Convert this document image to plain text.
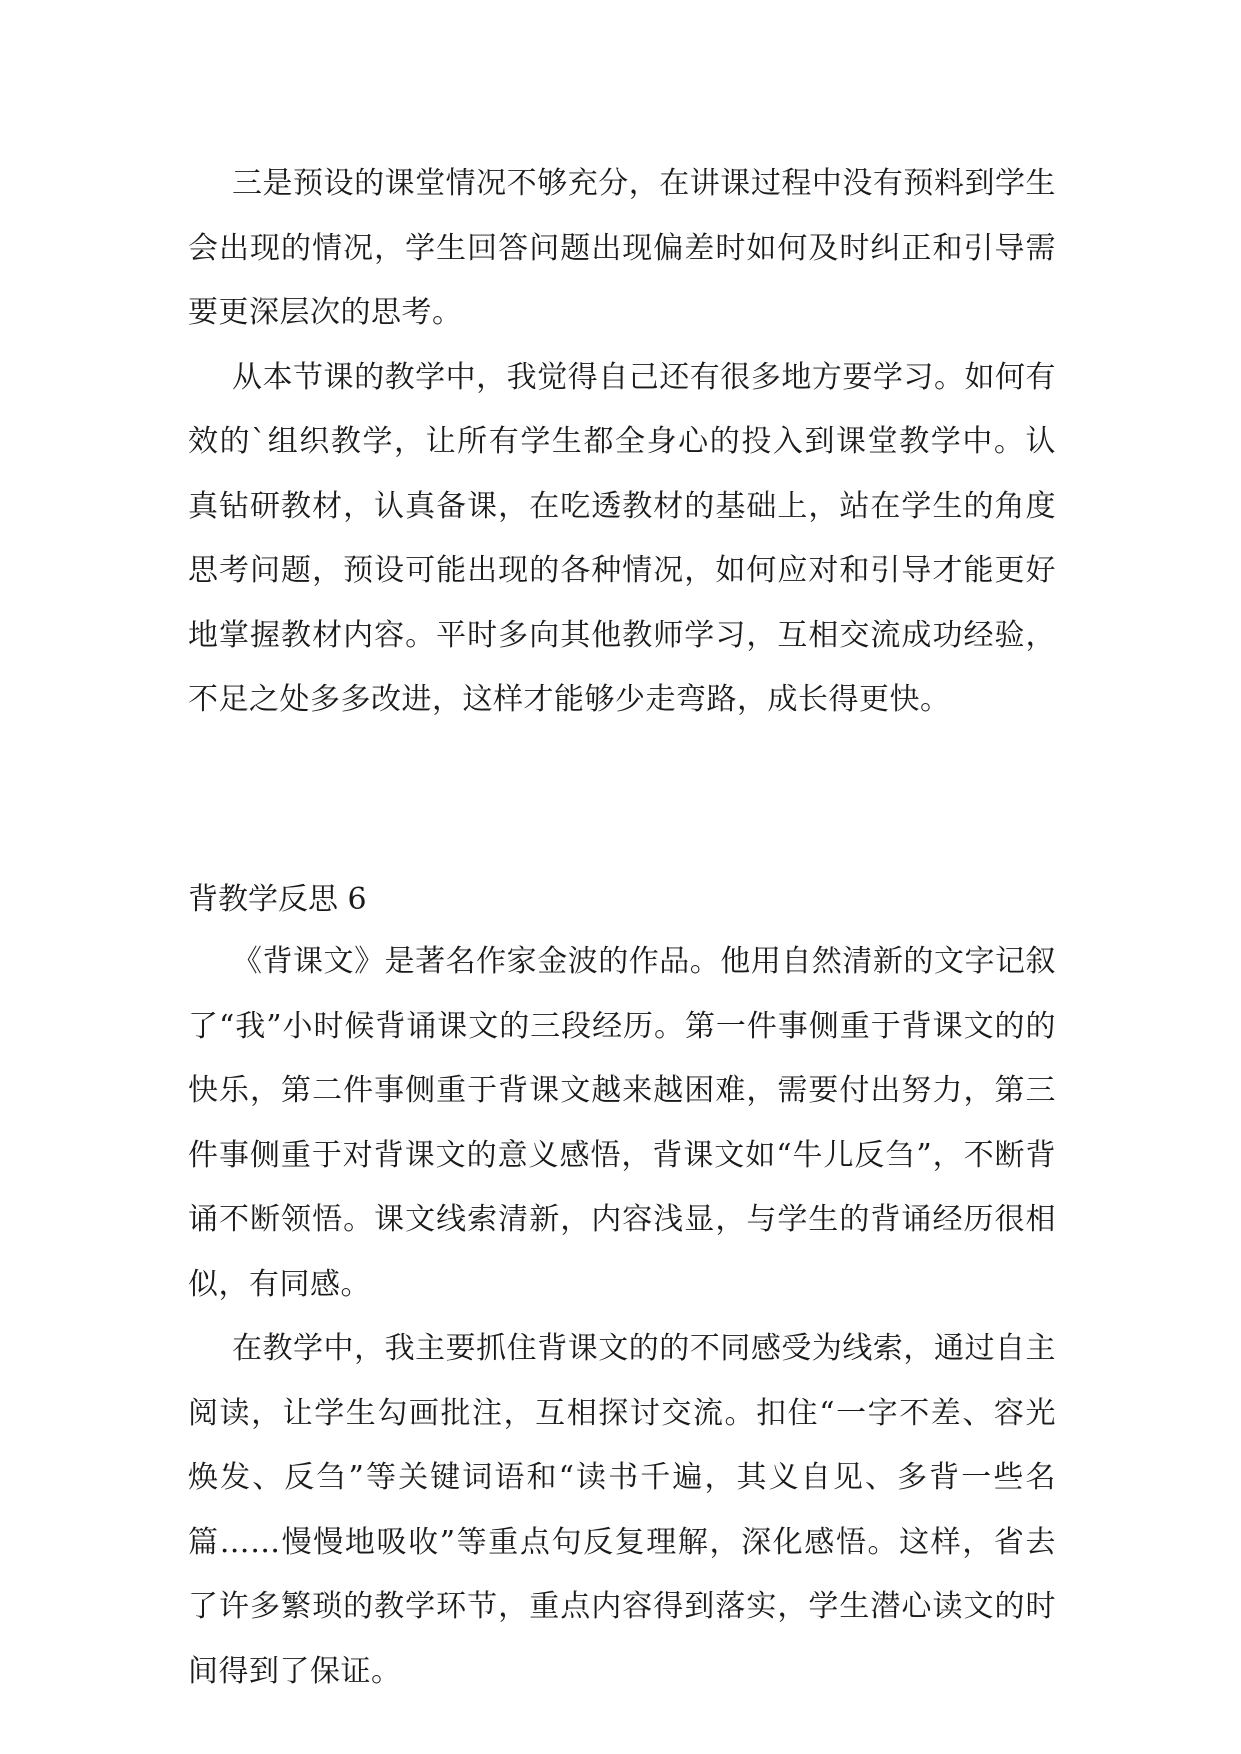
三是预设的课堂情况不够充分，在讲课过程中没有预料到学生会出现的情况，学生回答问题出现偏差时如何及时纠正和引导需要更深层次的思考。

从本节课的教学中，我觉得自己还有很多地方要学习。如何有效的`组织教学，让所有学生都全身心的投入到课堂教学中。认真钻研教材，认真备课，在吃透教材的基础上，站在学生的角度思考问题，预设可能出现的各种情况，如何应对和引导才能更好地掌握教材内容。平时多向其他教师学习，互相交流成功经验，不足之处多多改进，这样才能够少走弯路，成长得更快。

背教学反思 6

《背课文》是著名作家金波的作品。他用自然清新的文字记叙了“我”小时候背诵课文的三段经历。第一件事侧重于背课文的的快乐，第二件事侧重于背课文越来越困难，需要付出努力，第三件事侧重于对背课文的意义感悟，背课文如“牛儿反刍”，不断背诵不断领悟。课文线索清新，内容浅显，与学生的背诵经历很相似，有同感。

在教学中，我主要抓住背课文的的不同感受为线索，通过自主阅读，让学生勾画批注，互相探讨交流。扣住“一字不差、容光焕发、反刍”等关键词语和“读书千遍，其义自见、多背一些名篇……慢慢地吸收”等重点句反复理解，深化感悟。这样，省去了许多繁琐的教学环节，重点内容得到落实，学生潜心读文的时间得到了保证。
